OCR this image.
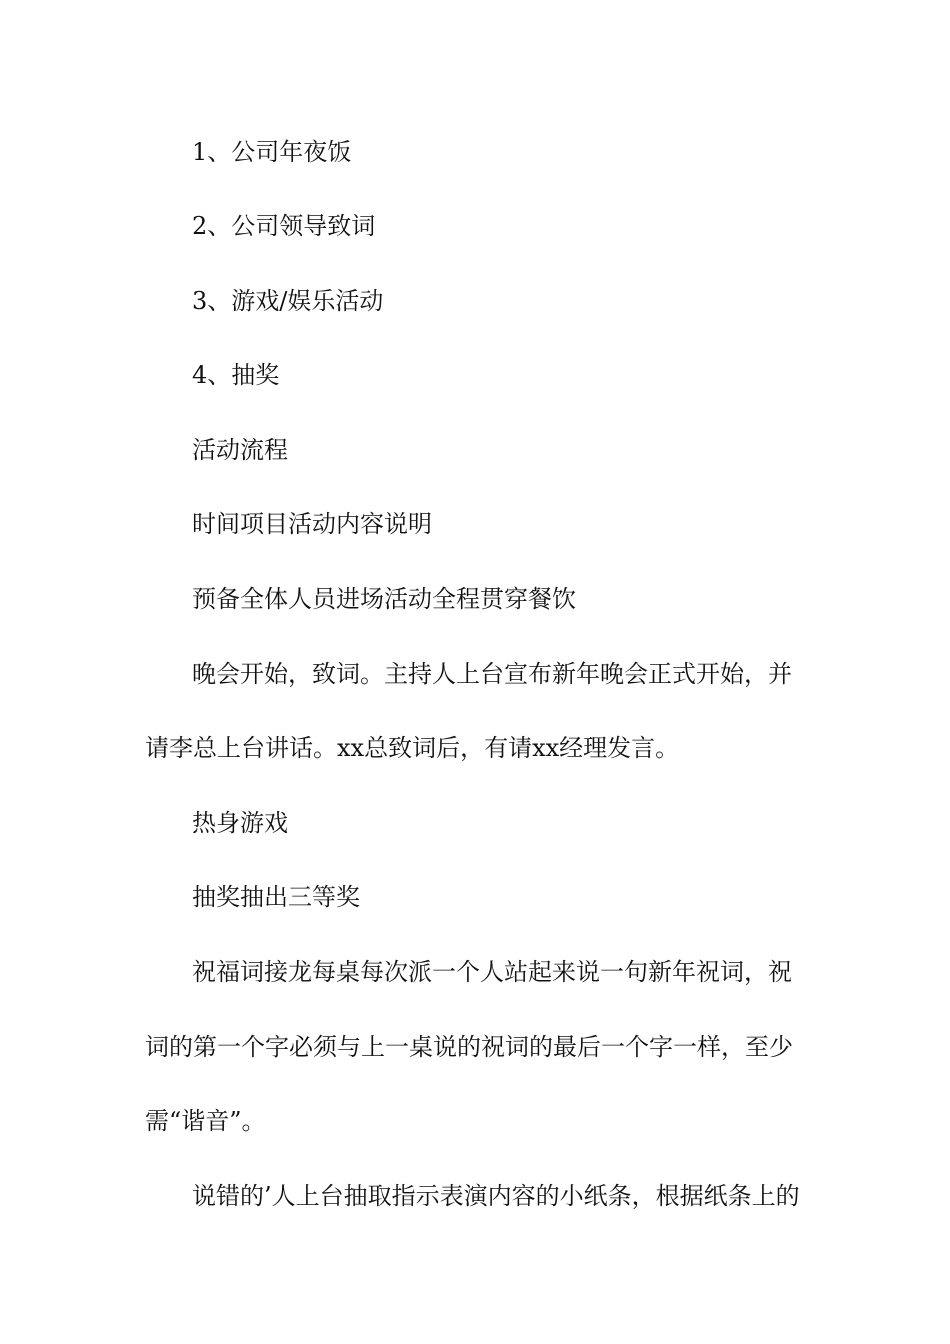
1、公司年夜饭

2、公司领导致词

3、游戏/娱乐活动

4、抽奖

活动流程

时间项目活动内容说明

预备全体人员进场活动全程贯穿餐饮

晚会开始，致词。主持人上台宣布新年晚会正式开始，并

请李总上台讲话。xx总致词后，有请xx经理发言。

热身游戏

抽奖抽出三等奖

祝福词接龙每桌每次派一个人站起来说一句新年祝词，祝

词的第一个字必须与上一桌说的祝词的最后一个字一样，至少

需“谐音”。

说错的’人上台抽取指示表演内容的小纸条，根据纸条上的
